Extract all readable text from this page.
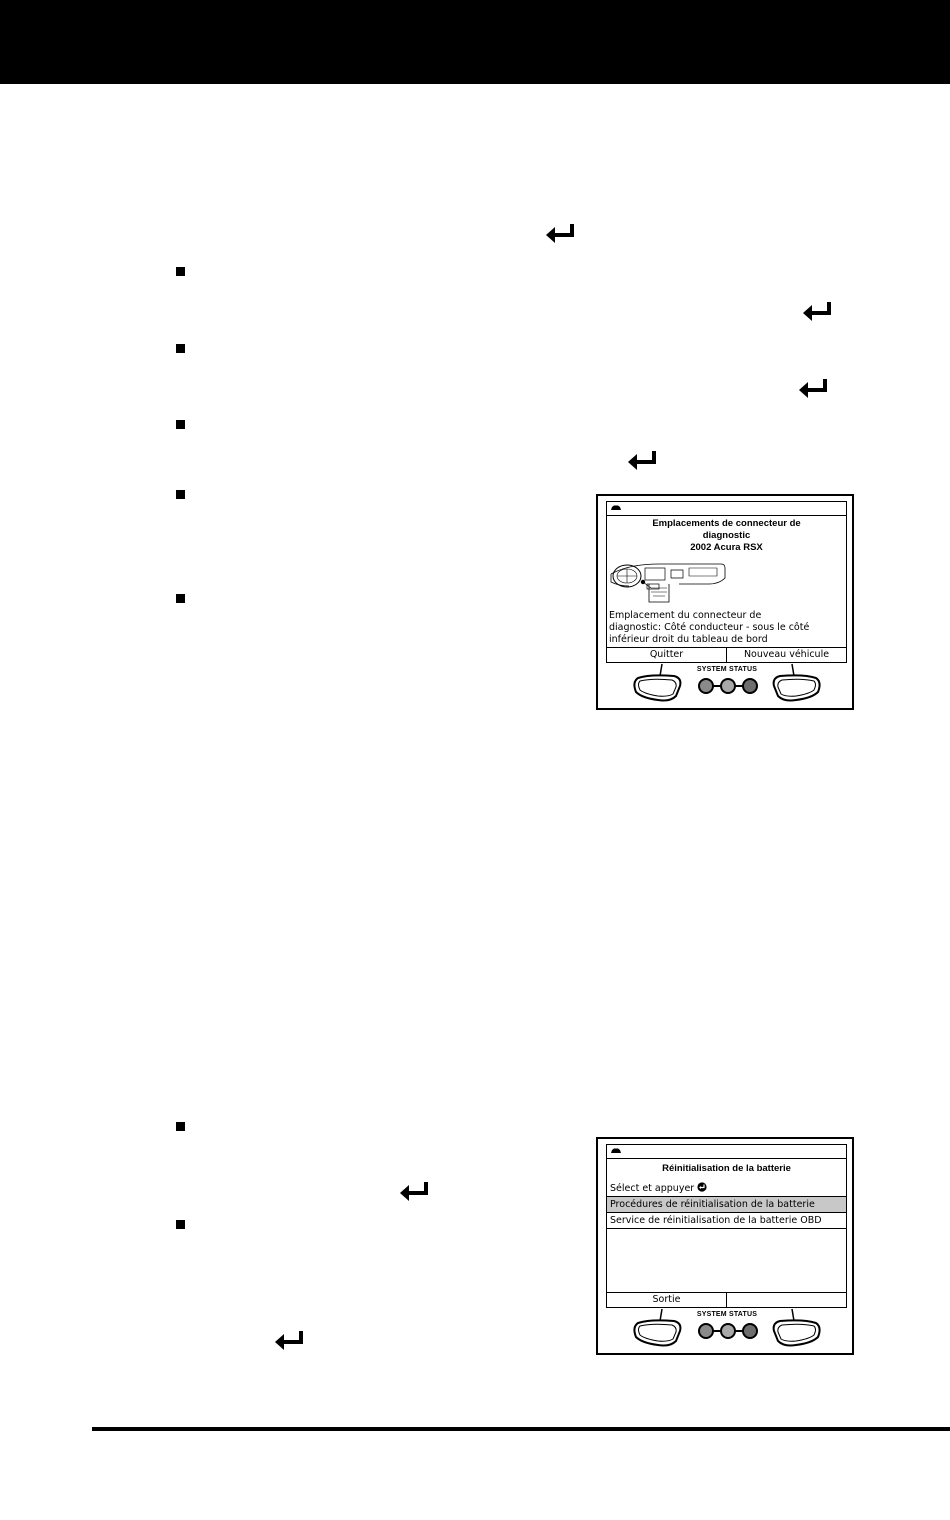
Emplacements de connecteur de
diagnostic
2002 Acura RSX
Emplacement du connecteur de
diagnostic: Côté conducteur - sous le côté
inférieur droit du tableau de bord
Quitter	Nouveau véhicule
SYSTEM STATUS
Réinitialisation de la batterie
Sélect et appuyer
Procédures de réinitialisation de la batterie
Service de réinitialisation de la batterie OBD
Sortie
SYSTEM STATUS
